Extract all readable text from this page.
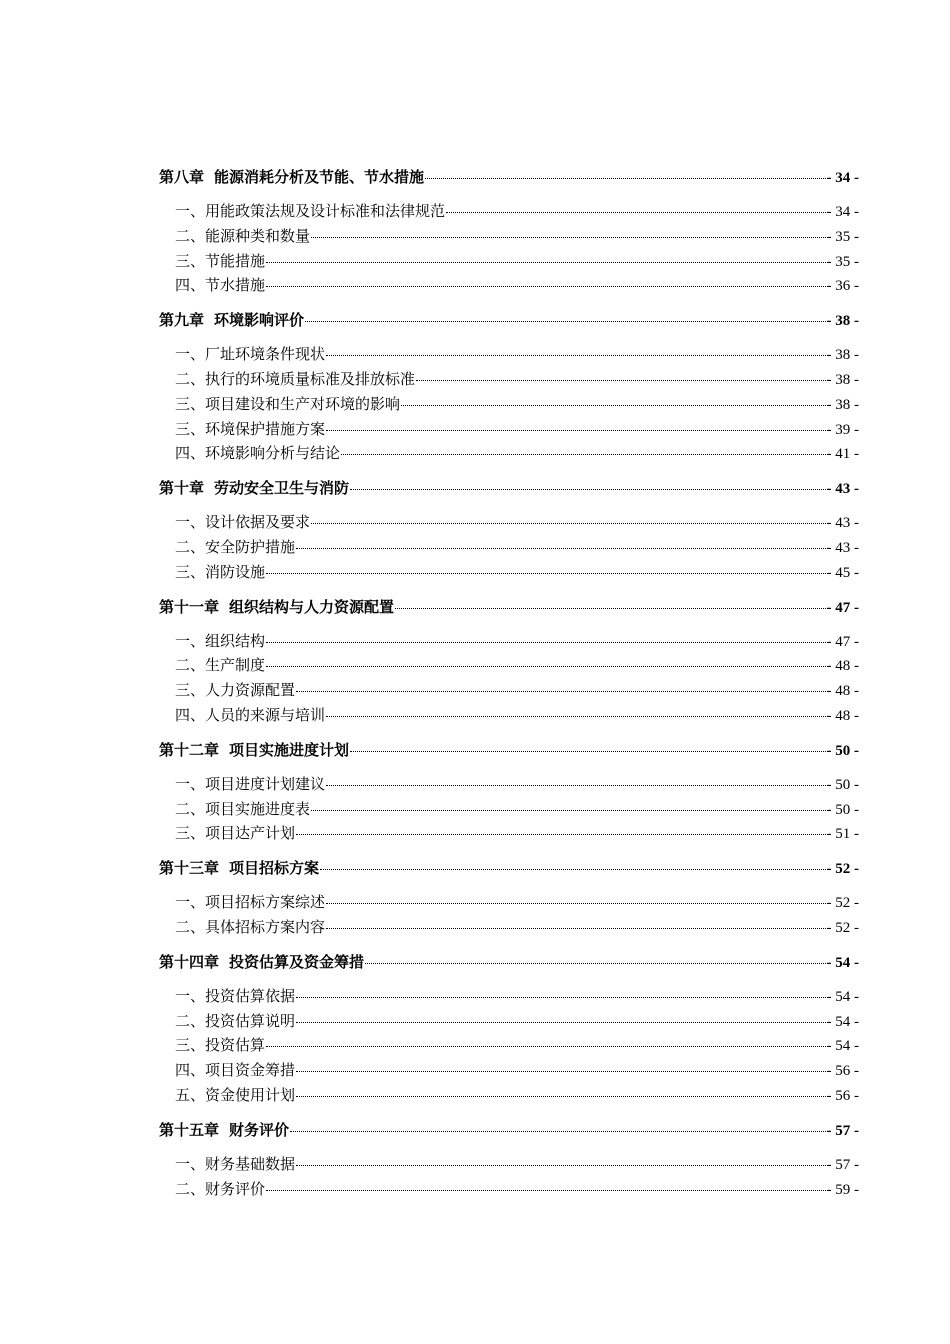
第八章 能源消耗分析及节能、节水措施	- 34 -
一、用能政策法规及设计标准和法律规范	- 34 -
二、能源种类和数量	- 35 -
三、节能措施	- 35 -
四、节水措施	- 36 -
第九章 环境影响评价	- 38 -
一、厂址环境条件现状	- 38 -
二、执行的环境质量标准及排放标准	- 38 -
三、项目建设和生产对环境的影响	- 38 -
三、环境保护措施方案	- 39 -
四、环境影响分析与结论	- 41 -
第十章 劳动安全卫生与消防	- 43 -
一、设计依据及要求	- 43 -
二、安全防护措施	- 43 -
三、消防设施	- 45 -
第十一章 组织结构与人力资源配置	- 47 -
一、组织结构	- 47 -
二、生产制度	- 48 -
三、人力资源配置	- 48 -
四、人员的来源与培训	- 48 -
第十二章 项目实施进度计划	- 50 -
一、项目进度计划建议	- 50 -
二、项目实施进度表	- 50 -
三、项目达产计划	- 51 -
第十三章 项目招标方案	- 52 -
一、项目招标方案综述	- 52 -
二、具体招标方案内容	- 52 -
第十四章 投资估算及资金筹措	- 54 -
一、投资估算依据	- 54 -
二、投资估算说明	- 54 -
三、投资估算	- 54 -
四、项目资金筹措	- 56 -
五、资金使用计划	- 56 -
第十五章 财务评价	- 57 -
一、财务基础数据	- 57 -
二、财务评价	- 59 -
